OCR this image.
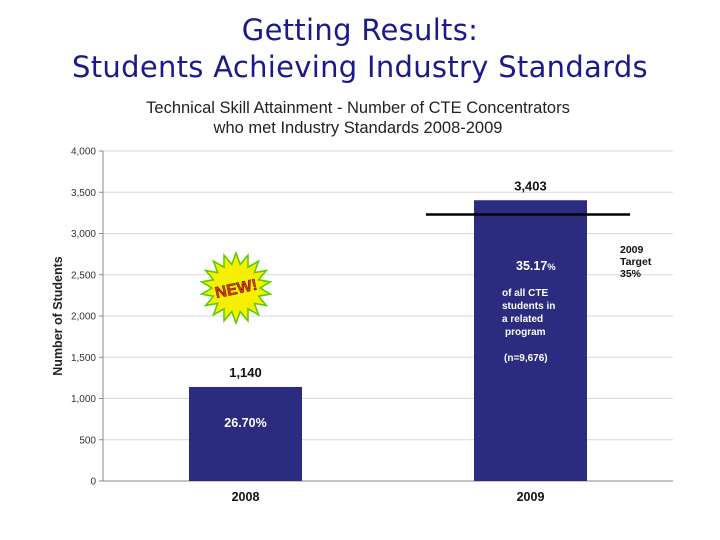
Getting Results:
Students Achieving Industry Standards
Technical Skill Attainment - Number of CTE Concentrators
who met Industry Standards 2008-2009
Number of Students
0
500
1,000
1,500
2,000
2,500
3,000
3,500
4,000
1,140
2008
3,403
2009
26.70%
35.17%
of all CTE
students in
a related
program
(n=9,676)
2009
Target
35%
NEW!
